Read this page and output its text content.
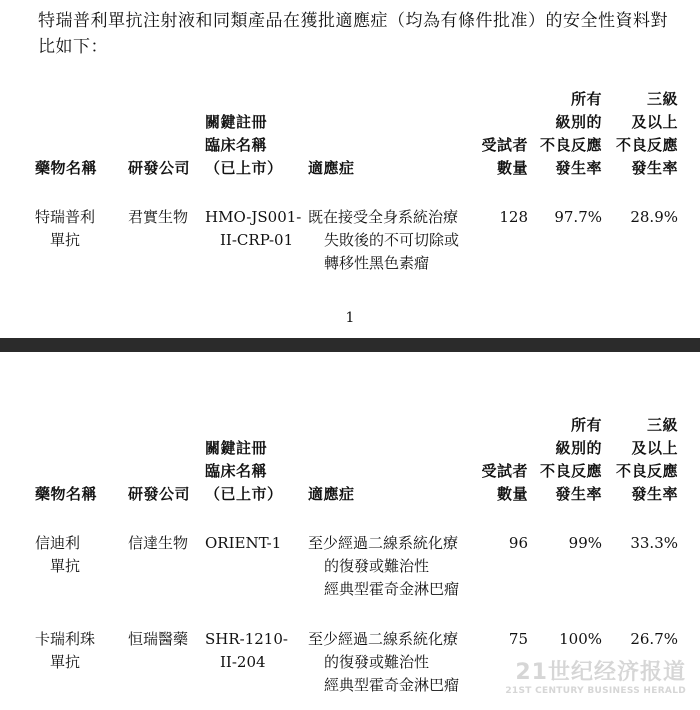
特瑞普利單抗注射液和同類產品在獲批適應症（均為有條件批准）的安全性資料對比如下：
藥物名稱 研發公司
關鍵註冊
臨床名稱
（已上市） 適應症
受試者
數量
所有
級別的
不良反應
發生率
三級
及以上
不良反應
發生率
特瑞普利
單抗
君實生物 HMO-JS001-
II-CRP-01
既在接受全身系統治療
失敗後的不可切除或
轉移性黑色素瘤
128 97.7% 28.9%
1
藥物名稱 研發公司
關鍵註冊
臨床名稱
（已上市） 適應症
受試者
數量
所有
級別的
不良反應
發生率
三級
及以上
不良反應
發生率
信迪利
單抗
信達生物 ORIENT-1 至少經過二線系統化療
的復發或難治性
經典型霍奇金淋巴瘤
96	99% 33.3%
卡瑞利珠
單抗
恒瑞醫藥 SHR-1210-
II-204
至少經過二線系統化療
的復發或難治性
經典型霍奇金淋巴瘤
75 100% 26.7%
21世纪经济报道
21ST CENTURY BUSINESS HERALD
